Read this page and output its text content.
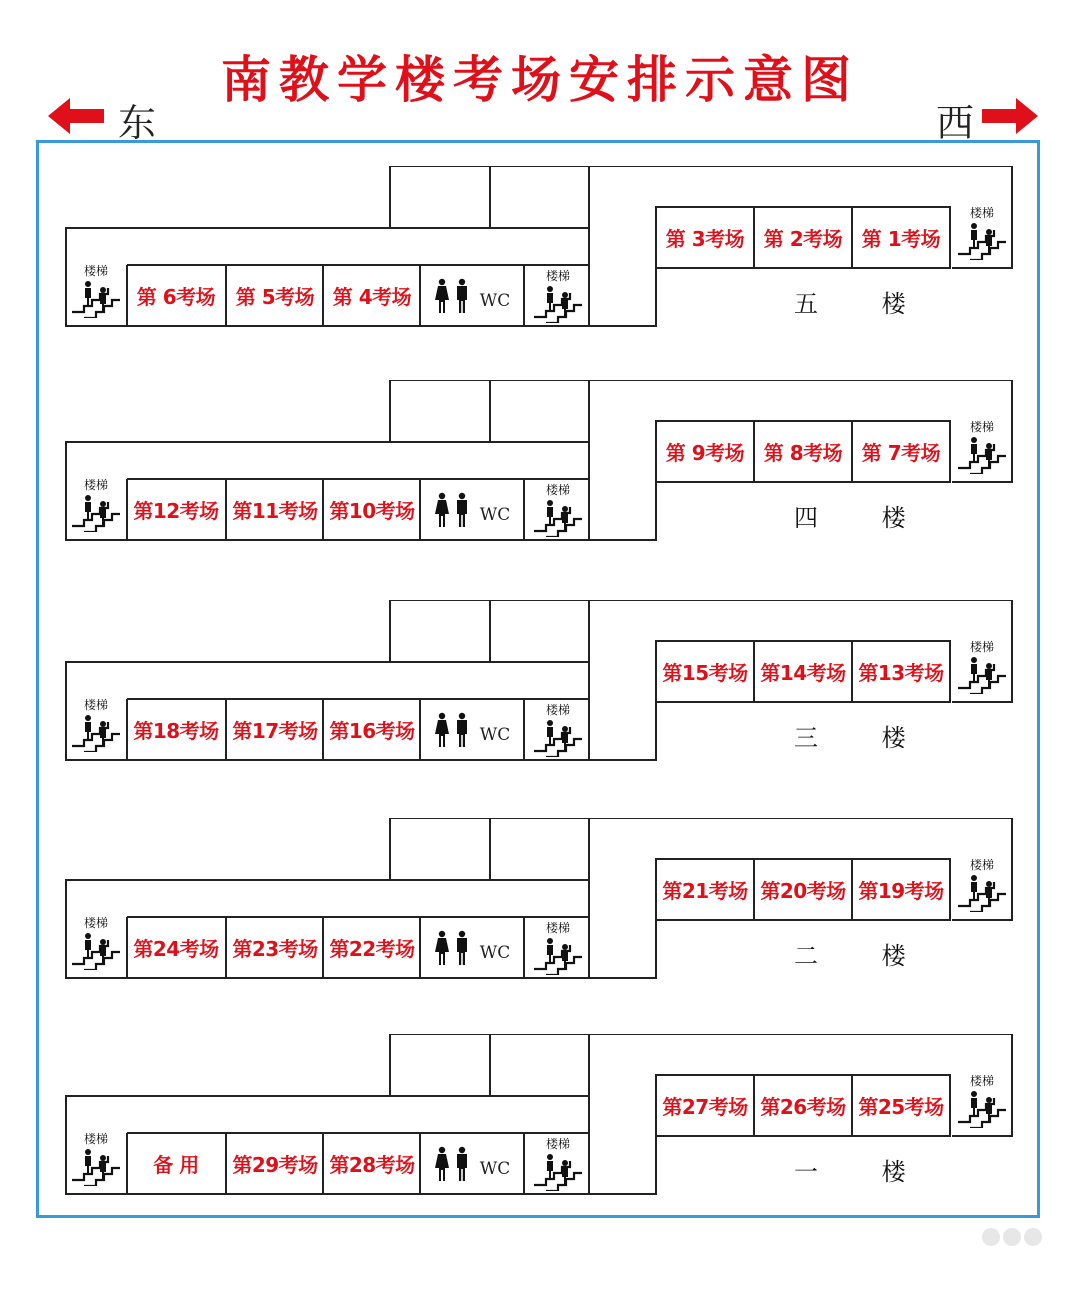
南教学楼考场安排示意图
东	西
第 3考场 第 2考场 第 1考场
第 6考场	第 5考场 第 4考场
楼梯	楼梯
楼梯
WC	五 楼
第 9考场 第 8考场 第 7考场
第12考场 第11考场 第10考场
楼梯	楼梯
楼梯
WC	四 楼
第15考场 第14考场 第13考场
第18考场 第17考场 第16考场
楼梯	楼梯
楼梯
WC	三 楼
第21考场 第20考场 第19考场
第24考场 第23考场 第22考场
楼梯	楼梯
楼梯
WC	二 楼
第27考场 第26考场 第25考场
备 用	第29考场 第28考场
楼梯	楼梯
楼梯
WC	一 楼
